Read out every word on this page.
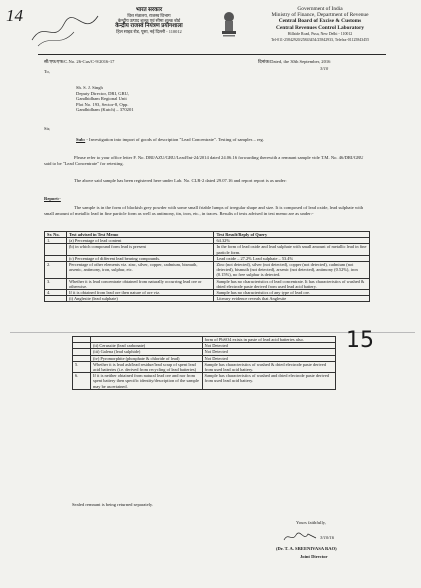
14	भारत सरकार
वित्त मंत्रालय, राजस्व विभाग
केन्द्रीय उत्पाद शुल्क एवं सीमा शुल्क बोर्ड
केन्द्रीय राजस्व नियंत्रण प्रयोगशाला
हिल साइड रोड, पूसा, नई दिल्ली - 110012
Government of India
Ministry of Finance, Department of Revenue
Central Board of Excise & Customs
Central Revenues Control Laboratory
Hillside Road, Pusa, New Delhi - 110012
Tel-011-25842920/25843454/25842933, Telefax-01125843455
सी/एफ/एफ/C.No. 26-Cus/C-9/2016-17	दिनांक/Dated, the 30th September, 2016
3/10
To,
Sh. S. J. Singh
Deputy Director, DRI, GRU,
Gandhidham Regional Unit
Plot No. 193, Sector-8, Opp.
Gandhidham (Kutch) – 370201
Sir,
Sub: - Investigation into import of goods of description "Lead Concentrate". Testing of samples – reg.
Please refer to your office letter F. No. DRI/AZU/GRU/Lead/Int-24/2014 dated 24.06.16 forwarding therewith a remnant sample vide T.M. No. 46/DRI/GRU said to be "Lead Concentrate" for retesting.
The above said sample has been registered here under Lab. No. CLR-2 dated 29.07.16 and report report is as under:
Report:-
The sample is in the form of blackish grey powder with some small friable lumps of irregular shape and size. It is composed of lead oxide, lead sulphate with small amount of metallic lead in fine particle form as well as antimony, tin, iron, etc., in traces. Results of tests advised in test memo are as under:-
Sr. No.	Test advised in Test Memo	Test Result/Reply of Query
1.	(a) Percentage of lead content	64.32%
	(b) in which compound form lead is present	In the form of lead oxide and lead sulphate with small amount of metallic lead in fine particle form.
	(c) Percentage of different lead bearing compounds.	Lead oxide – 27.2% Lead sulphate – 53.4%
2.	Percentage of other elements viz. zinc, silver, copper, cadmium, bismuth, arsenic, antimony, iron, sulphur, etc.	Zinc (not detected), silver (not detected), copper (not detected), cadmium (not detected), bismuth (not detected), arsenic (not detected), antimony (0.52%), iron (0.15%), no free sulphur is detected.
3.	Whether it is lead concentrate obtained from naturally occurring lead ore or otherwise.	Sample has no characteristics of lead concentrate. It has characteristics of washed & dried electrode paste derived from used lead acid battery.
4.	If it is obtained from lead ore then nature of ore viz.	Sample has no characteristics of any type of lead ore.
	(i) Anglesite (lead sulphate)	Literary evidence reveals that Anglesite
15
		form of PbSO4 exists in paste of lead acid batteries also.
	(ii) Cerussite (lead carbonate)	Not Detected
	(iii) Galena (lead sulphide)	Not Detected
	(iv) Pyromorphite (phosphate & chloride of lead)	Not Detected
5.	Whether it is lead ash/lead residue/lead scrap of spent lead acid batteries (i.e. derived from recycling of lead batteries)	Sample has characteristics of washed & dried electrode paste derived from used lead acid battery.
6.	If it is neither obtained from natural lead ore and nor from spent battery then specific identity/description of the sample may be ascertained.	Sample has characteristics of washed and dried electrode paste derived from used lead acid battery.
Sealed remnant is being returned separately.
Yours faithfully,
3/10/16
(Dr. T. A. SREENIVASA RAO)
Joint Director
